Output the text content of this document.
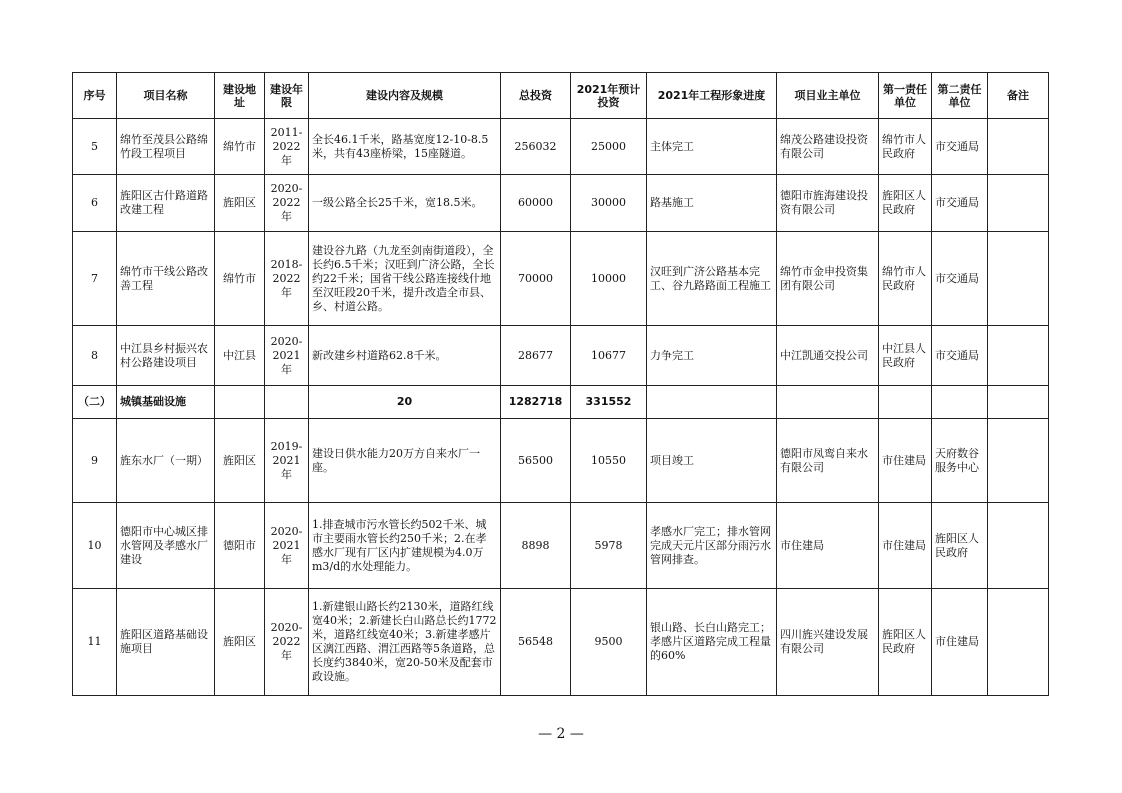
序号	项目名称	建设地址	建设年限	建设内容及规模	总投资	2021年预计投资	2021年工程形象进度	项目业主单位	第一责任单位	第二责任单位	备注
5	绵竹至茂县公路绵竹段工程项目	绵竹市	2011-2022年	全长46.1千米，路基宽度12-10-8.5米，共有43座桥梁，15座隧道。	256032	25000	主体完工	绵茂公路建设投资有限公司	绵竹市人民政府	市交通局	
6	旌阳区古什路道路改建工程	旌阳区	2020-2022年	一级公路全长25千米，宽18.5米。	60000	30000	路基施工	德阳市旌海建设投资有限公司	旌阳区人民政府	市交通局	
7	绵竹市干线公路改善工程	绵竹市	2018-2022年	建设谷九路（九龙至剑南街道段），全长约6.5千米；汉旺到广济公路，全长约22千米；国省干线公路连接线什地至汉旺段20千米，提升改造全市县、乡、村道公路。	70000	10000	汉旺到广济公路基本完工、谷九路路面工程施工	绵竹市金申投资集团有限公司	绵竹市人民政府	市交通局	
8	中江县乡村振兴农村公路建设项目	中江县	2020-2021年	新改建乡村道路62.8千米。	28677	10677	力争完工	中江凯通交投公司	中江县人民政府	市交通局	
（二）	城镇基础设施			20	1282718	331552					
9	旌东水厂（一期）	旌阳区	2019-2021年	建设日供水能力20万方自来水厂一座。	56500	10550	项目竣工	德阳市凤鸾自来水有限公司	市住建局	天府数谷服务中心	
10	德阳市中心城区排水管网及孝感水厂建设	德阳市	2020-2021年	1.排查城市污水管长约502千米、城市主要雨水管长约250千米；2.在孝感水厂现有厂区内扩建规模为4.0万m3/d的水处理能力。	8898	5978	孝感水厂完工；排水管网完成天元片区部分雨污水管网排查。	市住建局	市住建局	旌阳区人民政府	
11	旌阳区道路基础设施项目	旌阳区	2020-2022年	1.新建银山路长约2130米，道路红线宽40米；2.新建长白山路总长约1772米，道路红线宽40米；3.新建孝感片区漓江西路、渭江西路等5条道路，总长度约3840米，宽20-50米及配套市政设施。	56548	9500	银山路、长白山路完工；孝感片区道路完成工程量的60%	四川旌兴建设发展有限公司	旌阳区人民政府	市住建局	
— 2 —
